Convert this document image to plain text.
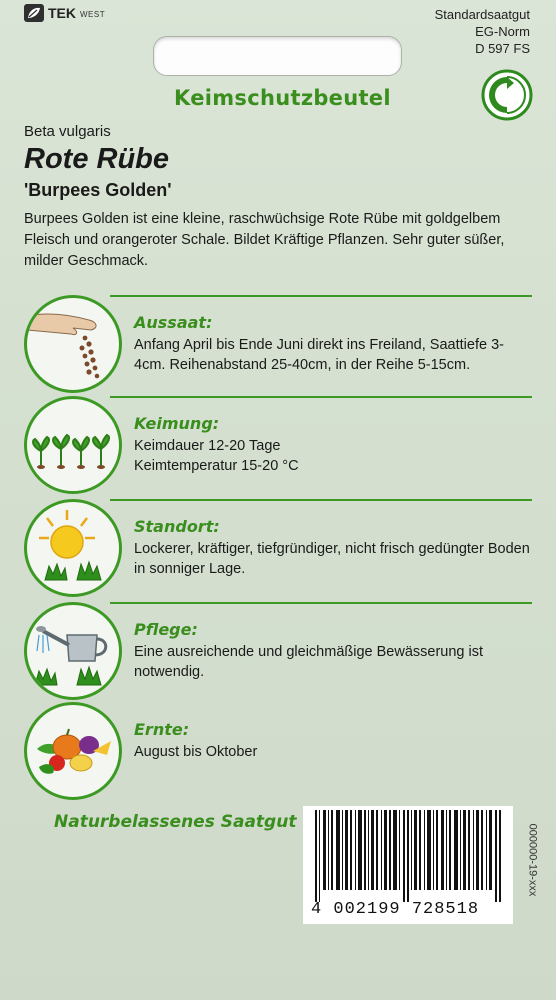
TEK WEST	Standardsaatgut
EG-Norm
D 597 FS
Keimschutzbeutel
Beta vulgaris
Rote Rübe
'Burpees Golden'
Burpees Golden ist eine kleine, raschwüchsige Rote Rübe mit goldgelbem Fleisch und orangeroter Schale. Bildet Kräftige Pflanzen. Sehr guter süßer, milder Geschmack.
Aussaat:
Anfang April bis Ende Juni direkt ins Freiland, Saattiefe 3-4cm. Reihenabstand 25-40cm, in der Reihe 5-15cm.
Keimung:
Keimdauer 12-20 Tage
Keimtemperatur 15-20 °C
Standort:
Lockerer, kräftiger, tiefgründiger, nicht frisch gedüngter Boden in sonniger Lage.
Pflege:
Eine ausreichende und gleichmäßige Bewässerung ist notwendig.
Ernte:
August bis Oktober
Naturbelassenes Saatgut
4 002199 728518
000000-19-xxx
